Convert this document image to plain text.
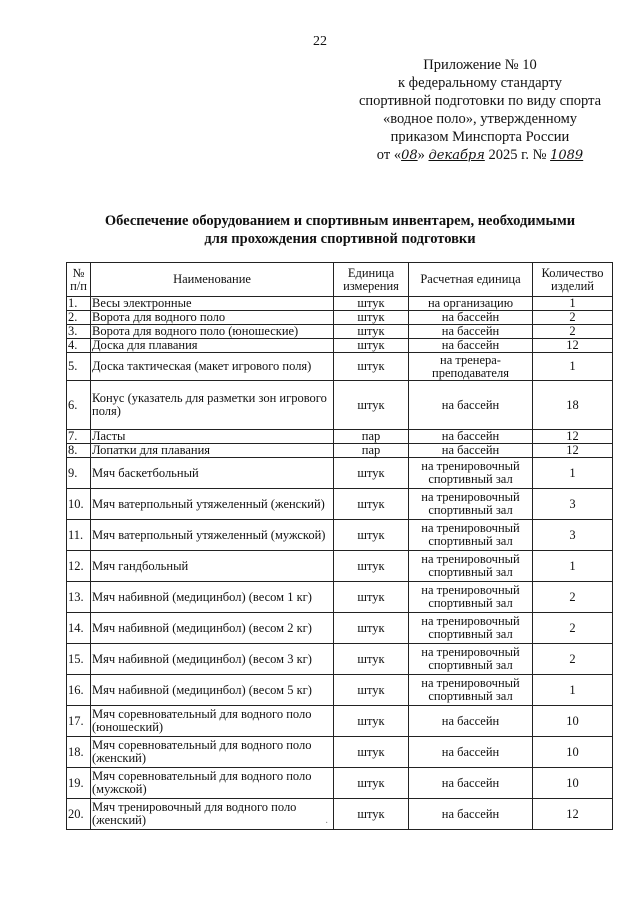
22
Приложение № 10
к федеральному стандарту
спортивной подготовки по виду спорта
«водное поло», утвержденному
приказом Минспорта России
от «08» декабря 2025 г. № 1089
Обеспечение оборудованием и спортивным инвентарем, необходимыми
для прохождения спортивной подготовки
№ п/п	Наименование	Единица измерения	Расчетная единица	Количество изделий
1.	Весы электронные	штук	на организацию	1
2.	Ворота для водного поло	штук	на бассейн	2
3.	Ворота для водного поло (юношеские)	штук	на бассейн	2
4.	Доска для плавания	штук	на бассейн	12
5.	Доска тактическая (макет игрового поля)	штук	на тренера-преподавателя	1
6.	Конус (указатель для разметки зон игрового поля)	штук	на бассейн	18
7.	Ласты	пар	на бассейн	12
8.	Лопатки для плавания	пар	на бассейн	12
9.	Мяч баскетбольный	штук	на тренировочный спортивный зал	1
10.	Мяч ватерпольный утяжеленный (женский)	штук	на тренировочный спортивный зал	3
11.	Мяч ватерпольный утяжеленный (мужской)	штук	на тренировочный спортивный зал	3
12.	Мяч гандбольный	штук	на тренировочный спортивный зал	1
13.	Мяч набивной (медицинбол) (весом 1 кг)	штук	на тренировочный спортивный зал	2
14.	Мяч набивной (медицинбол) (весом 2 кг)	штук	на тренировочный спортивный зал	2
15.	Мяч набивной (медицинбол) (весом 3 кг)	штук	на тренировочный спортивный зал	2
16.	Мяч набивной (медицинбол) (весом 5 кг)	штук	на тренировочный спортивный зал	1
17.	Мяч соревновательный для водного поло (юношеский)	штук	на бассейн	10
18.	Мяч соревновательный для водного поло (женский)	штук	на бассейн	10
19.	Мяч соревновательный для водного поло (мужской)	штук	на бассейн	10
20.	Мяч тренировочный для водного поло (женский)	штук	на бассейн	12
·
